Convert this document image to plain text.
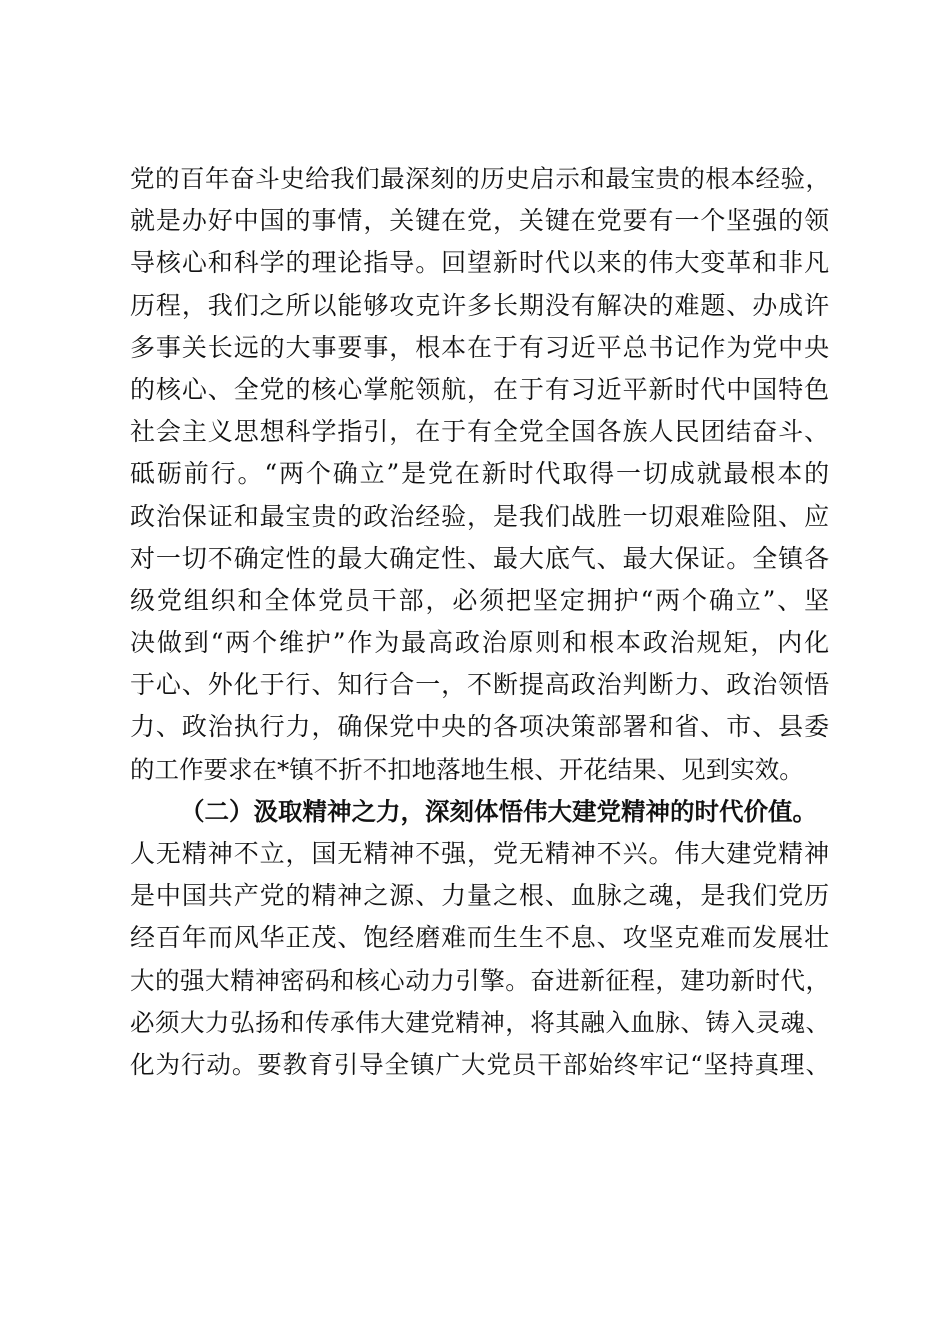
党的百年奋斗史给我们最深刻的历史启示和最宝贵的根本经验，
就是办好中国的事情，关键在党，关键在党要有一个坚强的领
导核心和科学的理论指导。回望新时代以来的伟大变革和非凡
历程，我们之所以能够攻克许多长期没有解决的难题、办成许
多事关长远的大事要事，根本在于有习近平总书记作为党中央
的核心、全党的核心掌舵领航，在于有习近平新时代中国特色
社会主义思想科学指引，在于有全党全国各族人民团结奋斗、
砥砺前行。“两个确立”是党在新时代取得一切成就最根本的
政治保证和最宝贵的政治经验，是我们战胜一切艰难险阻、应
对一切不确定性的最大确定性、最大底气、最大保证。全镇各
级党组织和全体党员干部，必须把坚定拥护“两个确立”、坚
决做到“两个维护”作为最高政治原则和根本政治规矩，内化
于心、外化于行、知行合一，不断提高政治判断力、政治领悟
力、政治执行力，确保党中央的各项决策部署和省、市、县委
的工作要求在*镇不折不扣地落地生根、开花结果、见到实效。
（二）汲取精神之力，深刻体悟伟大建党精神的时代价值。
人无精神不立，国无精神不强，党无精神不兴。伟大建党精神
是中国共产党的精神之源、力量之根、血脉之魂，是我们党历
经百年而风华正茂、饱经磨难而生生不息、攻坚克难而发展壮
大的强大精神密码和核心动力引擎。奋进新征程，建功新时代，
必须大力弘扬和传承伟大建党精神，将其融入血脉、铸入灵魂、
化为行动。要教育引导全镇广大党员干部始终牢记“坚持真理、
